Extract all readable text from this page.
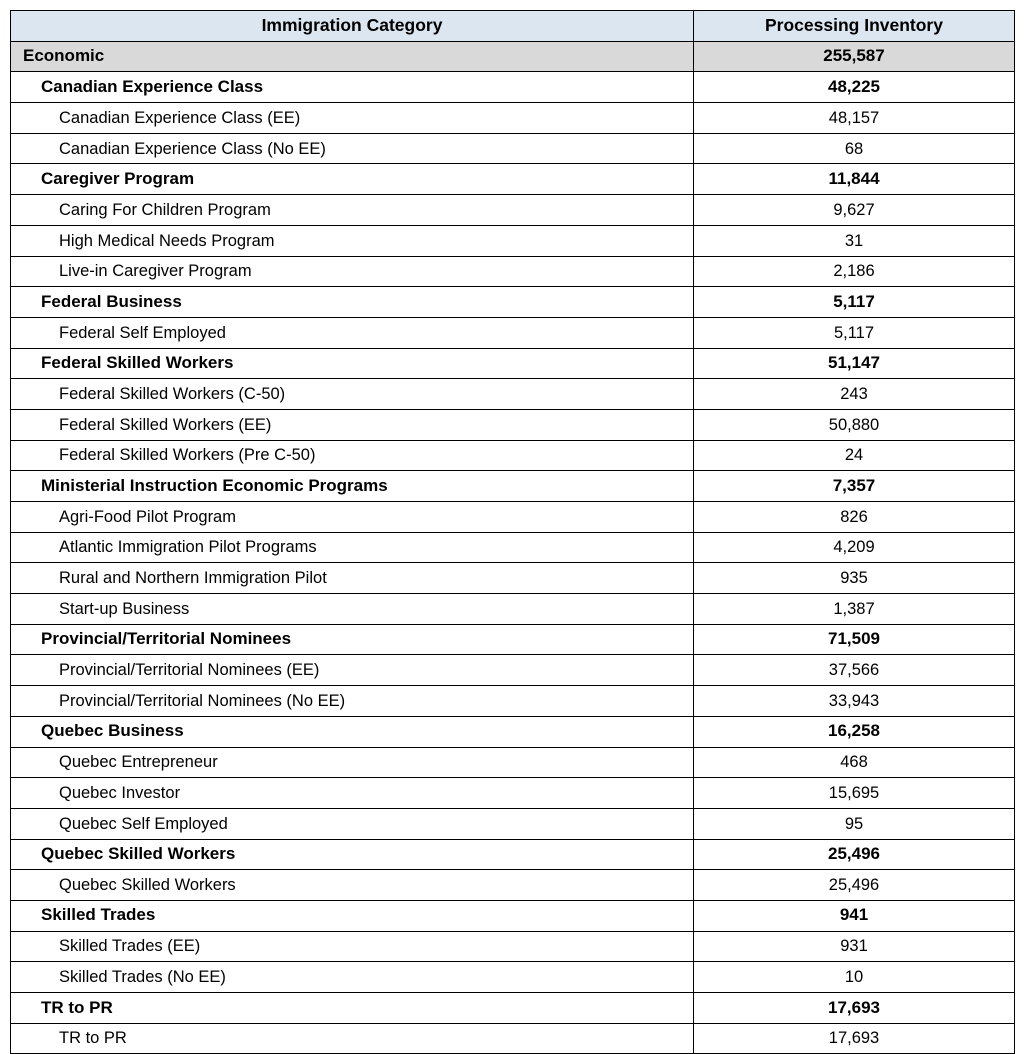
Immigration Category	Processing Inventory
Economic	255,587
Canadian Experience Class	48,225
Canadian Experience Class (EE)	48,157
Canadian Experience Class (No EE)	68
Caregiver Program	11,844
Caring For Children Program	9,627
High Medical Needs Program	31
Live-in Caregiver Program	2,186
Federal Business	5,117
Federal Self Employed	5,117
Federal Skilled Workers	51,147
Federal Skilled Workers (C-50)	243
Federal Skilled Workers (EE)	50,880
Federal Skilled Workers (Pre C-50)	24
Ministerial Instruction Economic Programs	7,357
Agri-Food Pilot Program	826
Atlantic Immigration Pilot Programs	4,209
Rural and Northern Immigration Pilot	935
Start-up Business	1,387
Provincial/Territorial Nominees	71,509
Provincial/Territorial Nominees (EE)	37,566
Provincial/Territorial Nominees (No EE)	33,943
Quebec Business	16,258
Quebec Entrepreneur	468
Quebec Investor	15,695
Quebec Self Employed	95
Quebec Skilled Workers	25,496
Quebec Skilled Workers	25,496
Skilled Trades	941
Skilled Trades (EE)	931
Skilled Trades (No EE)	10
TR to PR	17,693
TR to PR	17,693
